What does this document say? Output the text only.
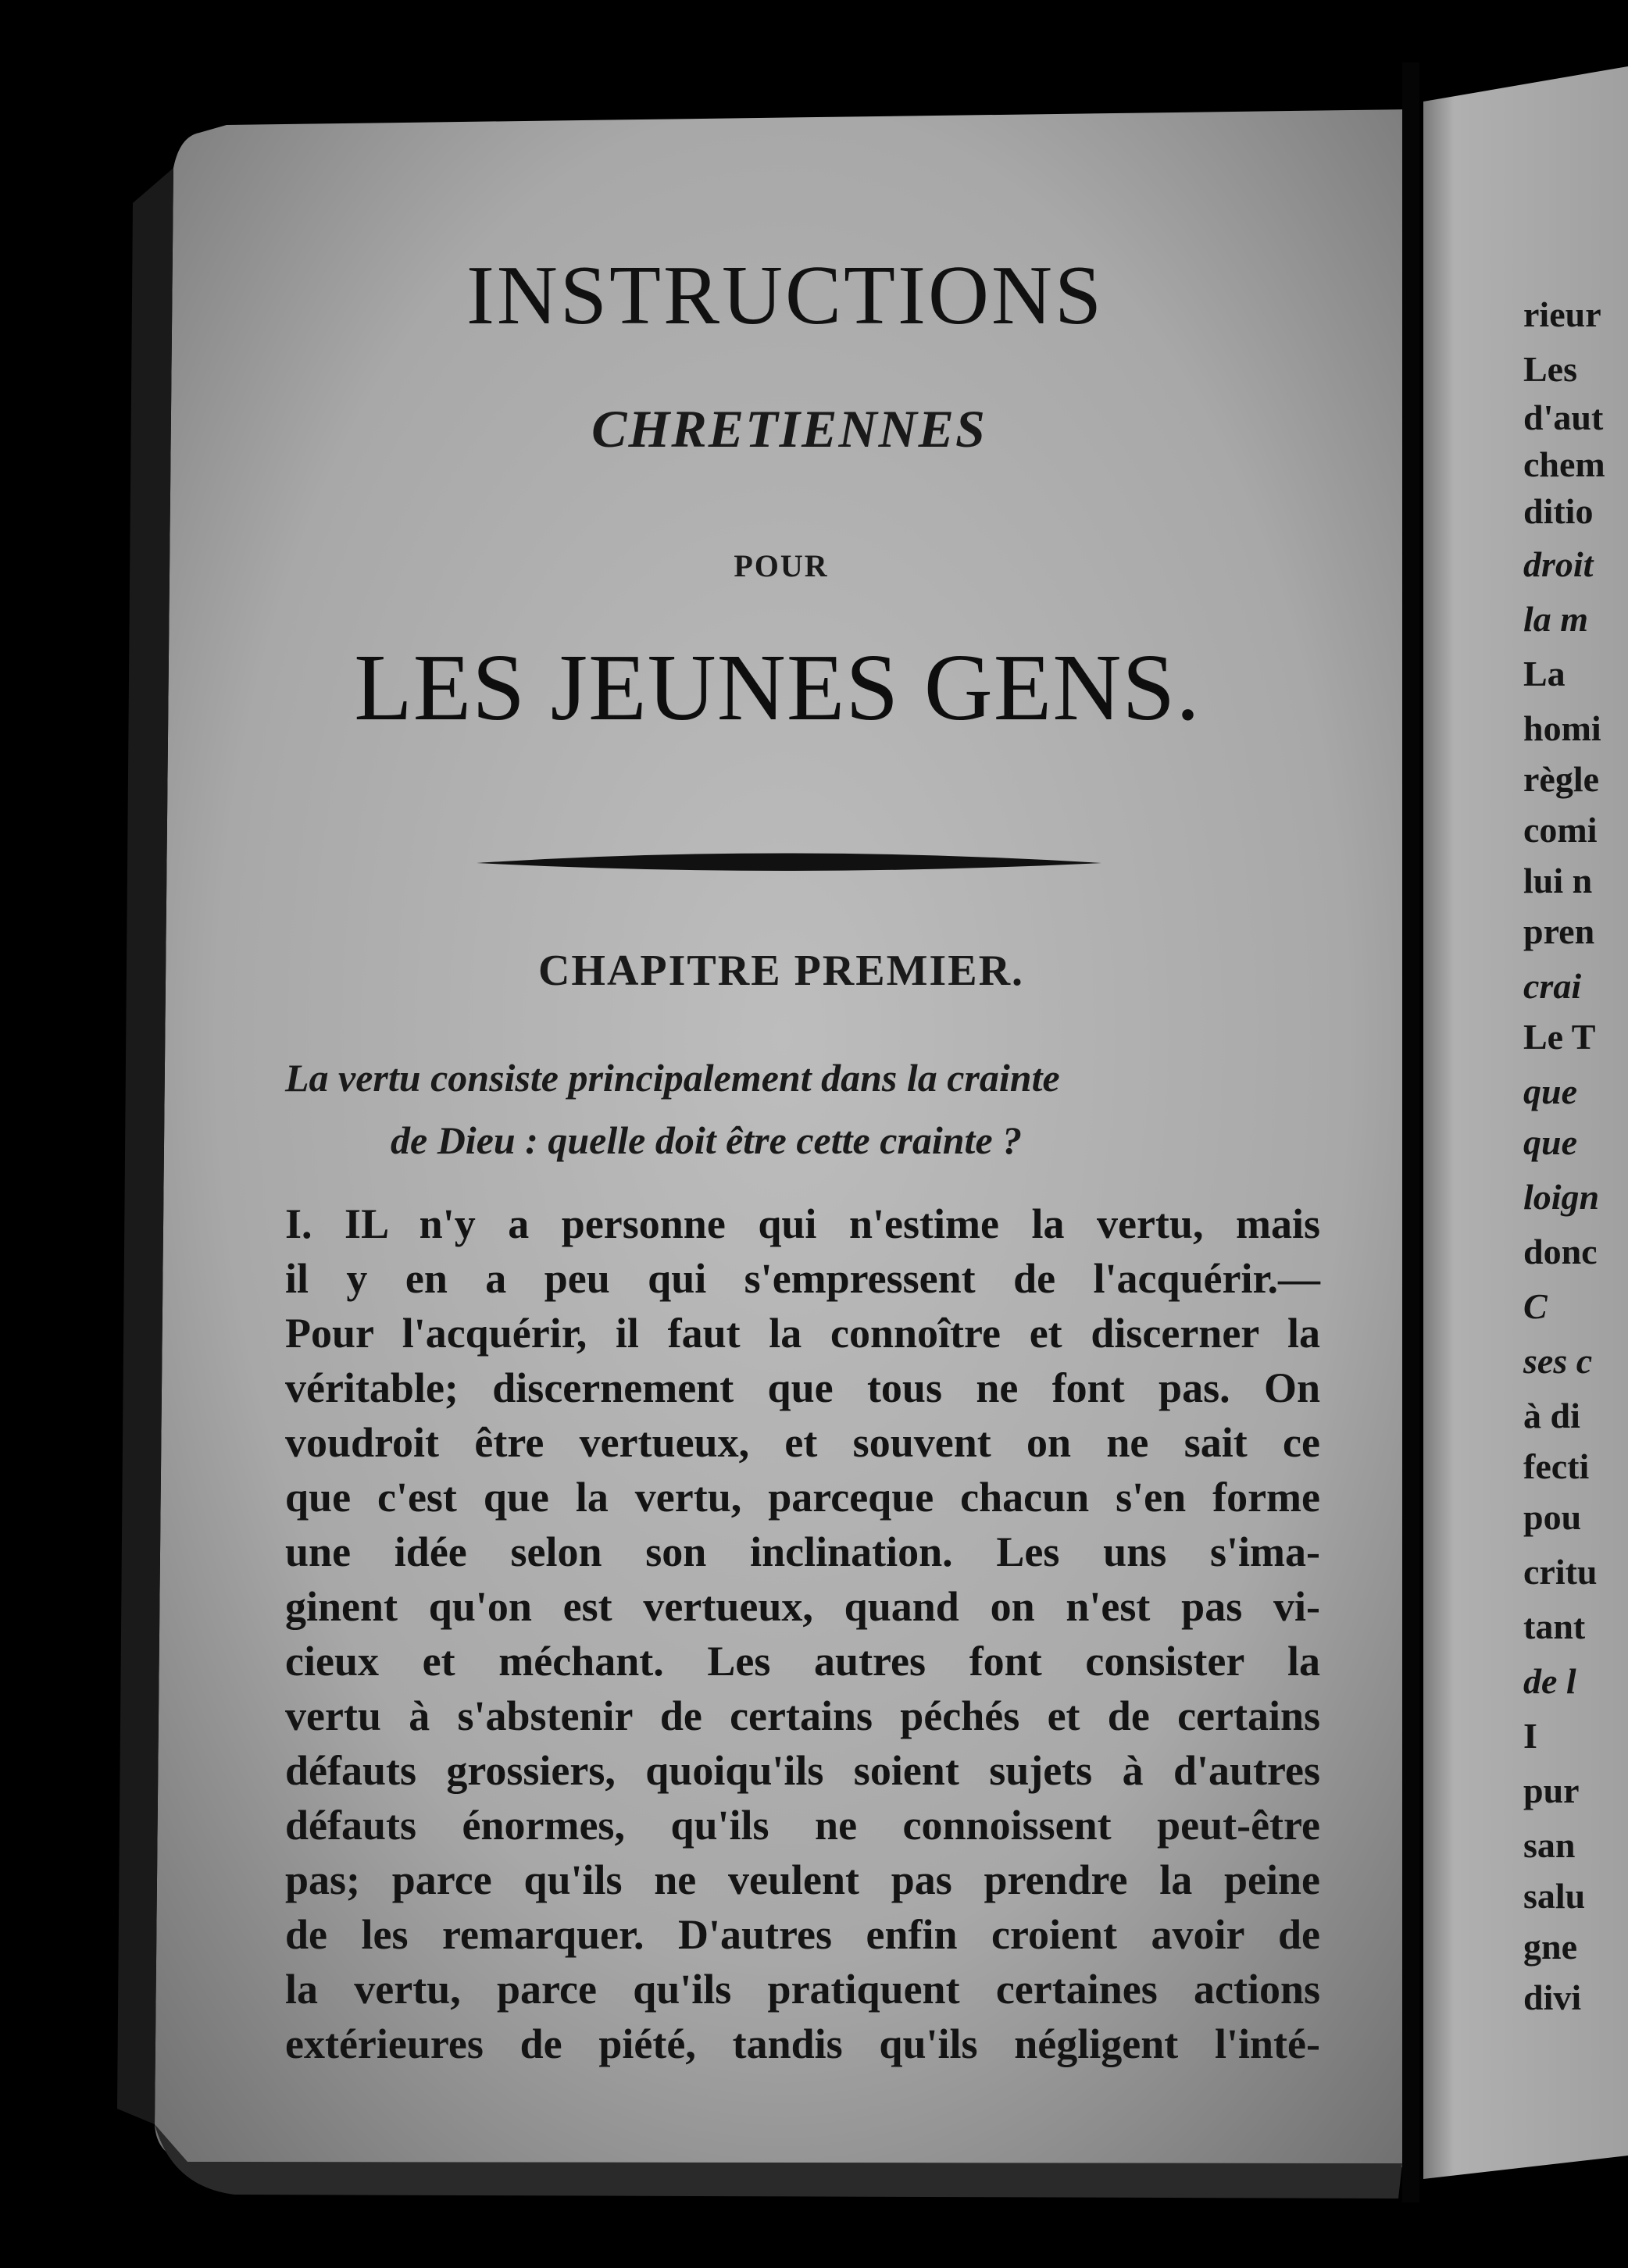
INSTRUCTIONS
CHRETIENNES
POUR
LES JEUNES GENS.
CHAPITRE PREMIER.
La vertu consiste principalement dans la crainte
de Dieu : quelle doit être cette crainte ?
I. IL n'y a personne qui n'estime la vertu, mais
il y en a peu qui s'empressent de l'acquérir.—
Pour l'acquérir, il faut la connoître et discerner la
véritable; discernement que tous ne font pas. On
voudroit être vertueux, et souvent on ne sait ce
que c'est que la vertu, parceque chacun s'en forme
une idée selon son inclination. Les uns s'ima-
ginent qu'on est vertueux, quand on n'est pas vi-
cieux et méchant. Les autres font consister la
vertu à s'abstenir de certains péchés et de certains
défauts grossiers, quoiqu'ils soient sujets à d'autres
défauts énormes, qu'ils ne connoissent peut-être
pas; parce qu'ils ne veulent pas prendre la peine
de les remarquer. D'autres enfin croient avoir de
la vertu, parce qu'ils pratiquent certaines actions
extérieures de piété, tandis qu'ils négligent l'inté-
rieur
Les
d'aut
chem
ditio
droit
la m
La
homi
règle
comi
lui n
pren
crai
Le T
que
que
loign
donc
C
ses c
à di
fecti
pou
critu
tant
de l
I
pur
san
salu
gne
divi
